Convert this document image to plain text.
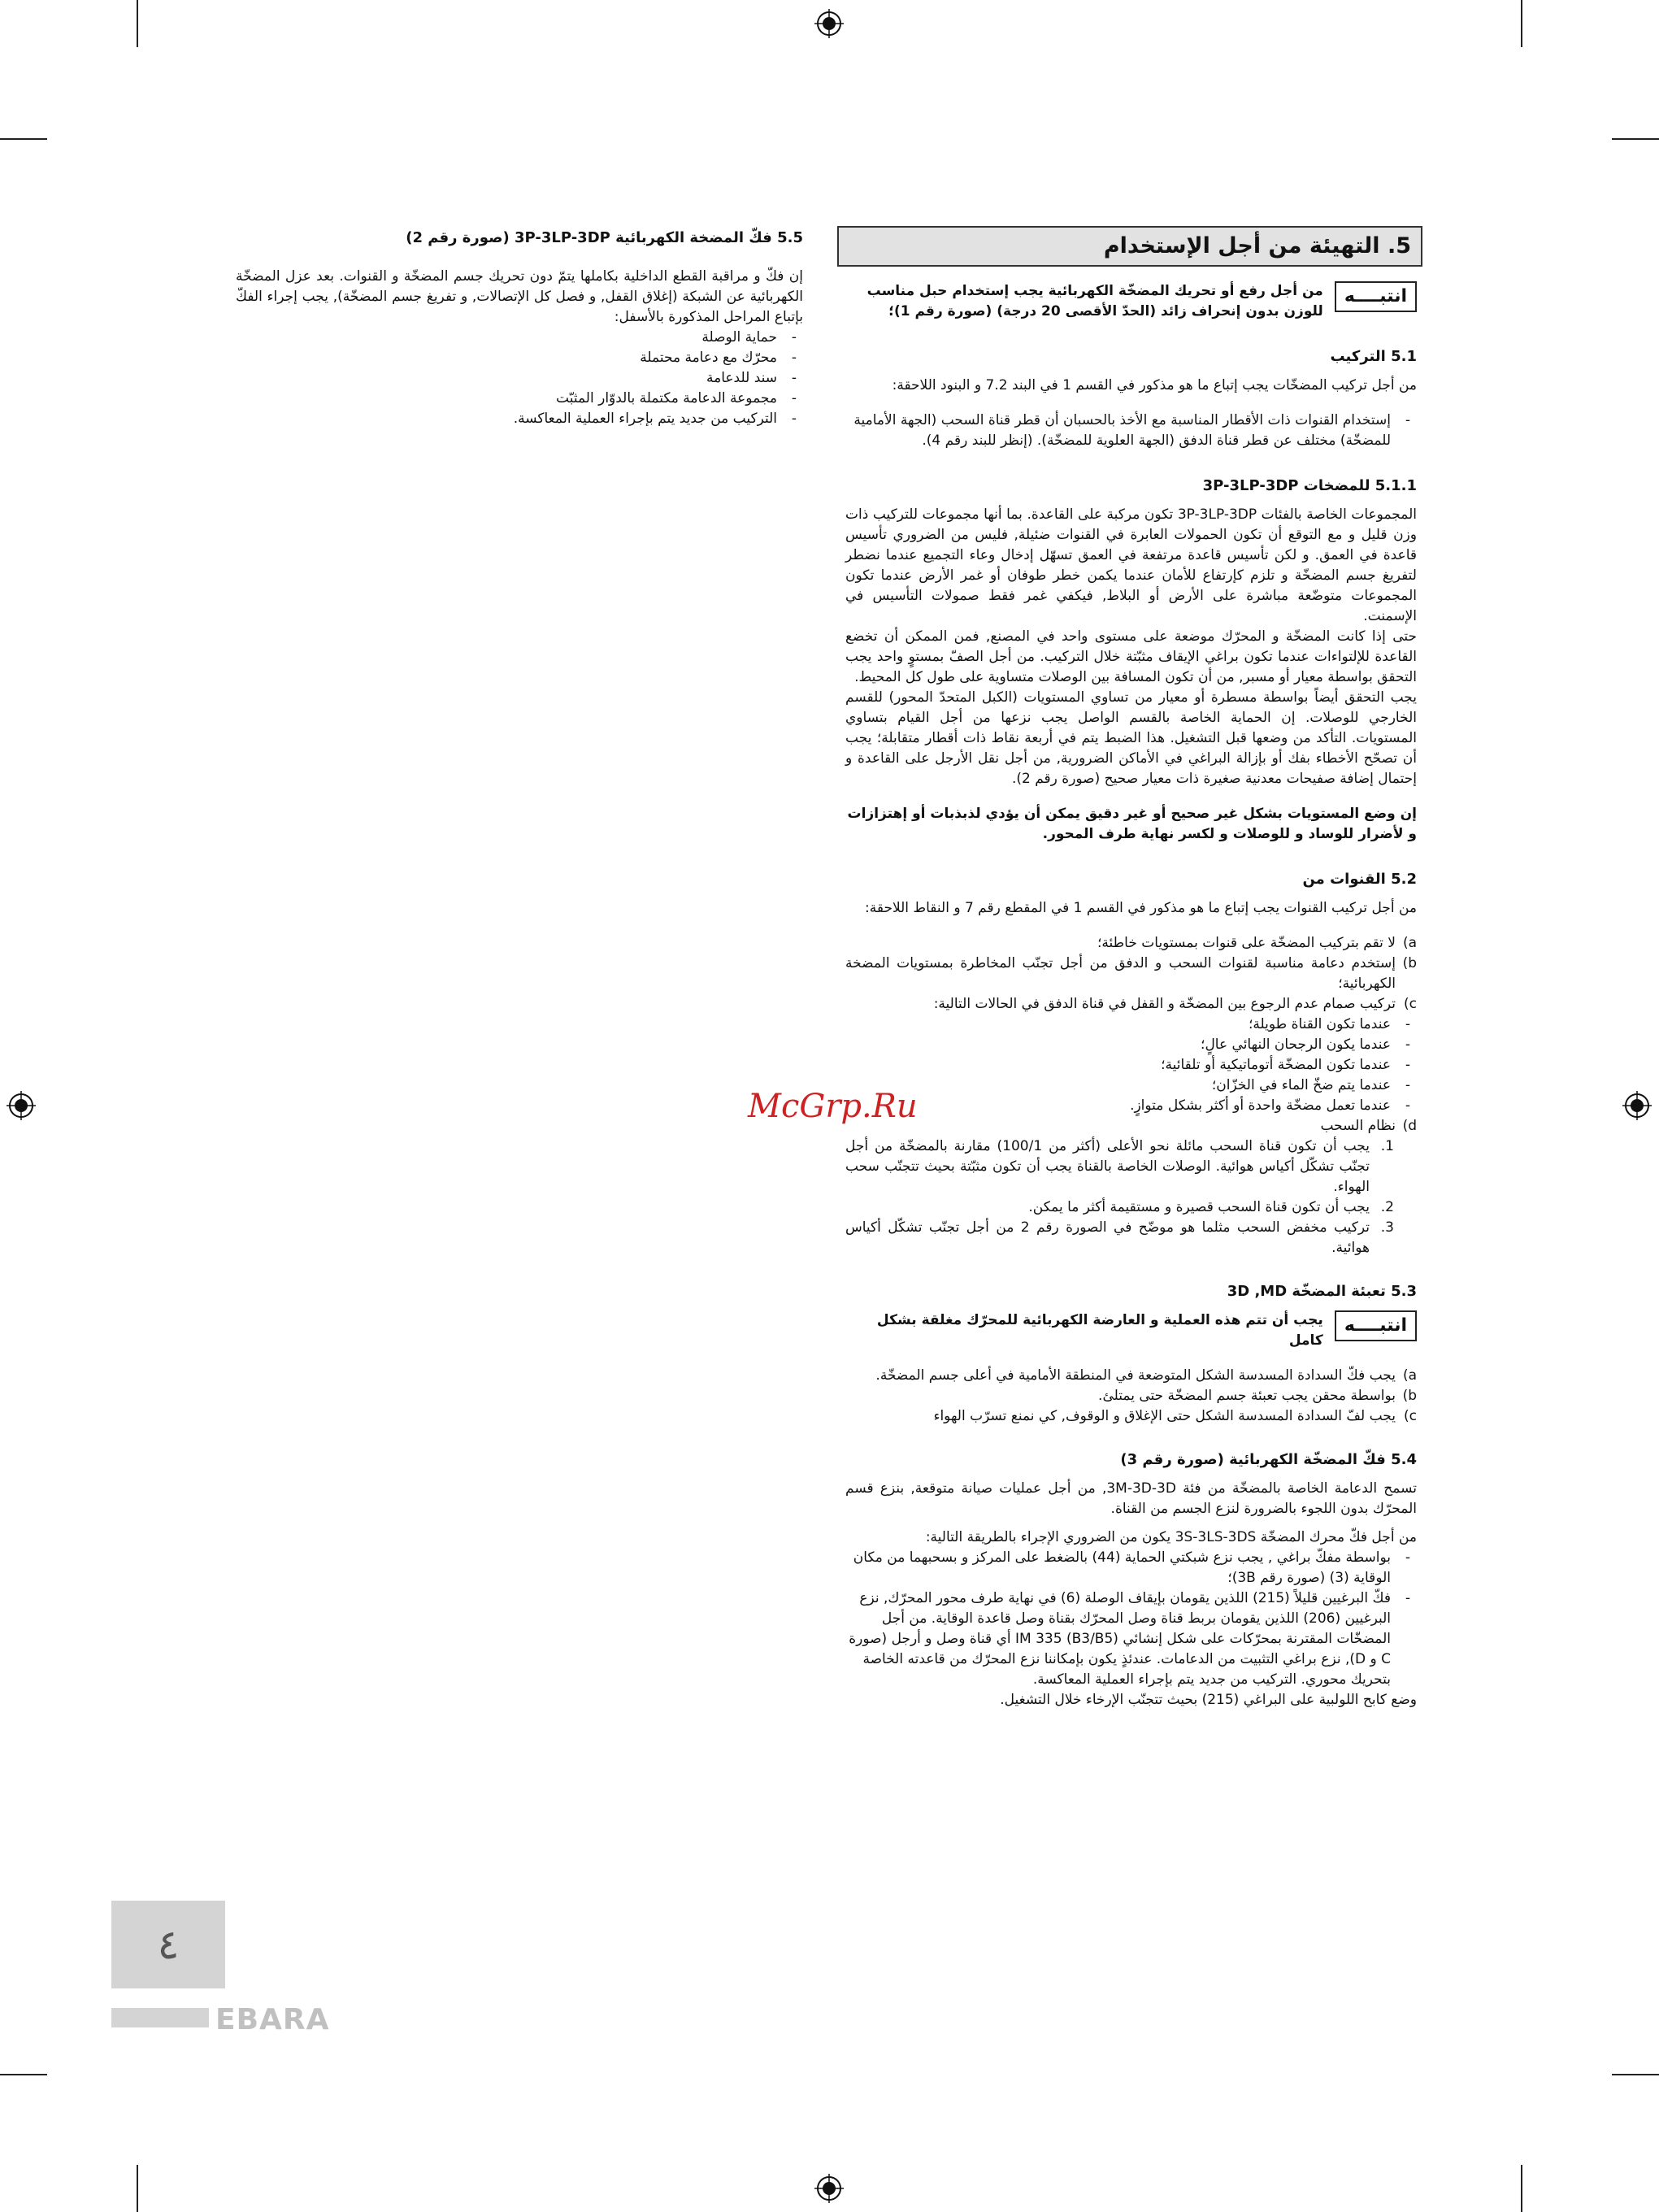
5. التهيئة من أجل الإستخدام
انتبــــه
من أجل رفع أو تحريك المضخّة الكهربائية يجب إستخدام حبل مناسب للوزن بدون إنحراف زائد (الحدّ الأقصى 20 درجة) (صورة رقم 1)؛
5.1 التركيب

من أجل تركيب المضخّات يجب إتباع ما هو مذكور في القسم 1 في البند 7.2 و البنود اللاحقة:

-
إستخدام القنوات ذات الأقطار المناسبة مع الأخذ بالحسبان أن قطر قناة السحب (الجهة الأمامية للمضخّة) مختلف عن قطر قناة الدفق (الجهة العلوية للمضخّة). (إنظر للبند رقم 4).
5.1.1 للمضخات 3P-3LP-3DP

المجموعات الخاصة بالفئات 3P-3LP-3DP تكون مركبة على القاعدة. بما أنها مجموعات للتركيب ذات وزن قليل و مع التوقع أن تكون الحمولات العابرة في القنوات ضئيلة, فليس من الضروري تأسيس قاعدة في العمق. و لكن تأسيس قاعدة مرتفعة في العمق تسهّل إدخال وعاء التجميع عندما نضطر لتفريغ جسم المضخّة و تلزم كإرتفاع للأمان عندما يكمن خطر طوفان أو غمر الأرض عندما تكون المجموعات متوضّعة مباشرة على الأرض أو البلاط, فيكفي غمر فقط صمولات التأسيس في الإسمنت.

حتى إذا كانت المضخّة و المحرّك موضعة على مستوى واحد في المصنع, فمن الممكن أن تخضع القاعدة للإلتواءات عندما تكون براغي الإيقاف مثبّتة خلال التركيب. من أجل الصفّ بمستوٍ واحد يجب التحقق بواسطة معيار أو مسبر, من أن تكون المسافة بين الوصلات متساوية على طول كل المحيط.

يجب التحقق أيضاً بواسطة مسطرة أو معيار من تساوي المستويات (الكبل المتحدّ المحور) للقسم الخارجي للوصلات. إن الحماية الخاصة بالقسم الواصل يجب نزعها من أجل القيام بتساوي المستويات. التأكد من وضعها قبل التشغيل. هذا الضبط يتم في أربعة نقاط ذات أقطار متقابلة؛ يجب أن تصحّح الأخطاء بفك أو بإزالة البراغي في الأماكن الضرورية, من أجل نقل الأرجل على القاعدة و إحتمال إضافة صفيحات معدنية صغيرة ذات معيار صحيح (صورة رقم 2).

إن وضع المستويات بشكل غير صحيح أو غير دقيق يمكن أن يؤدي لذبذبات أو إهتزازات و لأضرار للوساد و للوصلات و لكسر نهاية طرف المحور.

5.2 القنوات من

من أجل تركيب القنوات يجب إتباع ما هو مذكور في القسم 1 في المقطع رقم 7 و النقاط اللاحقة:

a)
لا تقم بتركيب المضخّة على قنوات بمستويات خاطئة؛
b)
إستخدم دعامة مناسبة لقنوات السحب و الدفق من أجل تجنّب المخاطرة بمستويات المضخة الكهربائية؛
c)
تركيب صمام عدم الرجوع بين المضخّة و القفل في قناة الدفق في الحالات التالية:
-
عندما تكون القناة طويلة؛
-
عندما يكون الرجحان النهائي عالٍ؛
-
عندما تكون المضخّة أتوماتيكية أو تلقائية؛
-
عندما يتم ضخّ الماء في الخزّان؛
-
عندما تعمل مضخّة واحدة أو أكثر بشكل متوازٍ.
d)
نظام السحب
1.
يجب أن تكون قناة السحب مائلة نحو الأعلى (أكثر من 100/1) مقارنة بالمضخّة من أجل تجنّب تشكّل أكياس هوائية. الوصلات الخاصة بالقناة يجب أن تكون مثبّتة بحيث تتجنّب سحب الهواء.
2.
يجب أن تكون قناة السحب قصيرة و مستقيمة أكثر ما يمكن.
3.
تركيب مخفض السحب مثلما هو موضّح في الصورة رقم 2 من أجل تجنّب تشكّل أكياس هوائية.
5.3 تعبئة المضخّة 3D ,MD
انتبــــه
يجب أن تتم هذه العملية و العارضة الكهربائية للمحرّك مغلقة بشكل كامل
a)
يجب فكّ السدادة المسدسة الشكل المتوضعة في المنطقة الأمامية في أعلى جسم المضخّة.
b)
بواسطة محقن يجب تعبئة جسم المضخّة حتى يمتلئ.
c)
يجب لفّ السدادة المسدسة الشكل حتى الإغلاق و الوقوف, كي نمنع تسرّب الهواء
5.4 فكّ المضخّة الكهربائية (صورة رقم 3)

تسمح الدعامة الخاصة بالمضخّة من فئة 3M-3D-3D, من أجل عمليات صيانة متوقعة, بنزع قسم المحرّك بدون اللجوء بالضرورة لنزع الجسم من القناة.

من أجل فكّ محرك المضخّة 3S-3LS-3DS يكون من الضروري الإجراء بالطريقة التالية:

-
بواسطة مفكّ براغي , يجب نزع شبكتي الحماية (44) بالضغط على المركز و بسحبهما من مكان الوقاية (3) (صورة رقم 3B)؛
-
فكّ البرغيين قليلاً (215) اللذين يقومان بإيقاف الوصلة (6) في نهاية طرف محور المحرّك, نزع البرغيين (206) اللذين يقومان بربط قناة وصل المحرّك بقناة وصل قاعدة الوقاية. من أجل المضخّات المقترنة بمحرّكات على شكل إنشائي IM 335 (B3/B5) أي قناة وصل و أرجل (صورة C و D), نزع براغي التثبيت من الدعامات. عندئذٍ يكون بإمكاننا نزع المحرّك من قاعدته الخاصة بتحريك محوري. التركيب من جديد يتم بإجراء العملية المعاكسة.

وضع كابح اللولبية على البراغي (215) بحيث تتجنّب الإرخاء خلال التشغيل.

5.5 فكّ المضخة الكهربائية 3P-3LP-3DP (صورة رقم 2)

إن فكّ و مراقبة القطع الداخلية بكاملها يتمّ دون تحريك جسم المضخّة و القنوات. بعد عزل المضخّة الكهربائية عن الشبكة (إغلاق القفل, و فصل كل الإتصالات, و تفريغ جسم المضخّة), يجب إجراء الفكّ بإتباع المراحل المذكورة بالأسفل:

-
حماية الوصلة
-
محرّك مع دعامة محتملة
-
سند للدعامة
-
مجموعة الدعامة مكتملة بالدوّار المثبّت
-
التركيب من جديد يتم بإجراء العملية المعاكسة.
McGrp.Ru
٤
EBARA
